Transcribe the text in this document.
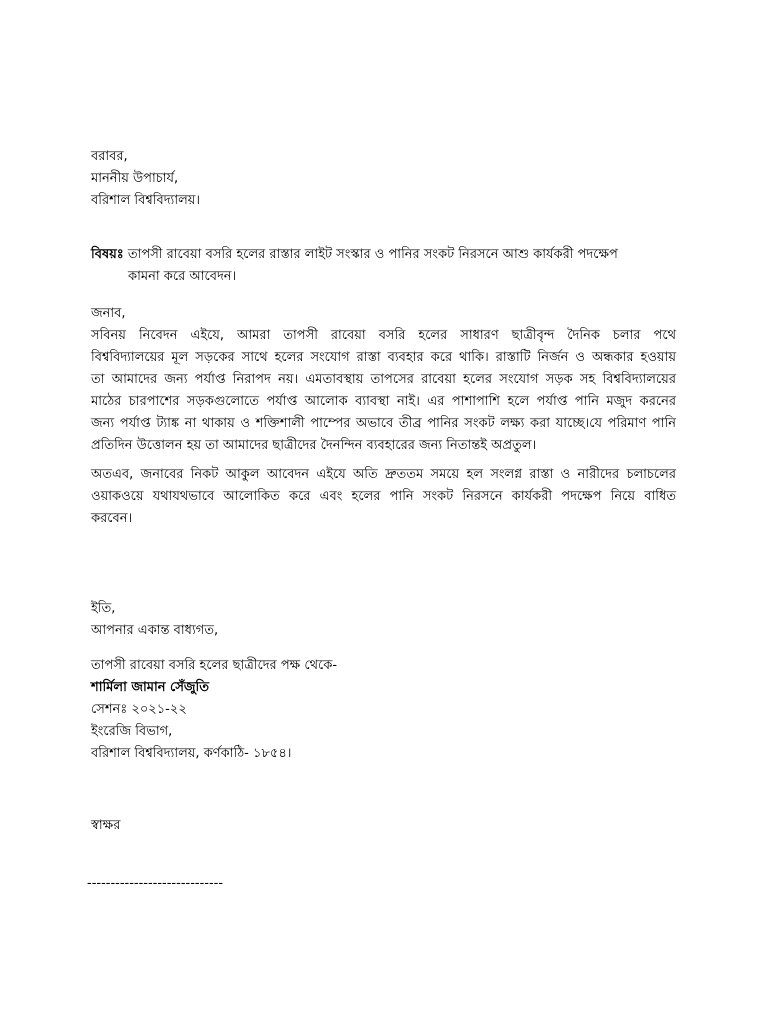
বরাবর,
মাননীয় উপাচার্য,
বরিশাল বিশ্ববিদ্যালয়।
বিষয়ঃ তাপসী রাবেয়া বসরি হলের রাস্তার লাইট সংস্কার ও পানির সংকট নিরসনে আশু কার্যকরী পদক্ষেপ
কামনা করে আবেদন।
জনাব,
সবিনয় নিবেদন এইযে, আমরা তাপসী রাবেয়া বসরি হলের সাধারণ ছাত্রীবৃন্দ দৈনিক চলার পথে
বিশ্ববিদ্যালয়ের মূল সড়কের সাথে হলের সংযোগ রাস্তা ব্যবহার করে থাকি। রাস্তাটি নির্জন ও অন্ধকার হওয়ায়
তা আমাদের জন্য পর্যাপ্ত নিরাপদ নয়। এমতাবস্থায় তাপসের রাবেয়া হলের সংযোগ সড়ক সহ বিশ্ববিদ্যালয়ের
মাঠের চারপাশের সড়কগুলোতে পর্যাপ্ত আলোক ব্যাবস্থা নাই। এর পাশাপাশি হলে পর্যাপ্ত পানি মজুদ করনের
জন্য পর্যাপ্ত ট্যাঙ্ক না থাকায় ও শক্তিশালী পাম্পের অভাবে তীব্র পানির সংকট লক্ষ্য করা যাচ্ছে।যে পরিমাণ পানি
প্রতিদিন উত্তোলন হয় তা আমাদের ছাত্রীদের দৈনন্দিন ব্যবহারের জন্য নিতান্তই অপ্রতুল।
অতএব, জনাবের নিকট আকুল আবেদন এইযে অতি দ্রুততম সময়ে হল সংলগ্ন রাস্তা ও নারীদের চলাচলের
ওয়াকওয়ে যথাযথভাবে আলোকিত করে এবং হলের পানি সংকট নিরসনে কার্যকরী পদক্ষেপ নিয়ে বাধিত
করবেন।
ইতি,
আপনার একান্ত বাধ্যগত,
তাপসী রাবেয়া বসরি হলের ছাত্রীদের পক্ষ থেকে-
শার্মিলা জামান সেঁজুতি
সেশনঃ ২০২১-২২
ইংরেজি বিভাগ,
বরিশাল বিশ্ববিদ্যালয়, কর্ণকাঠি- ১৮৫৪।
স্বাক্ষর
-----------------------------
